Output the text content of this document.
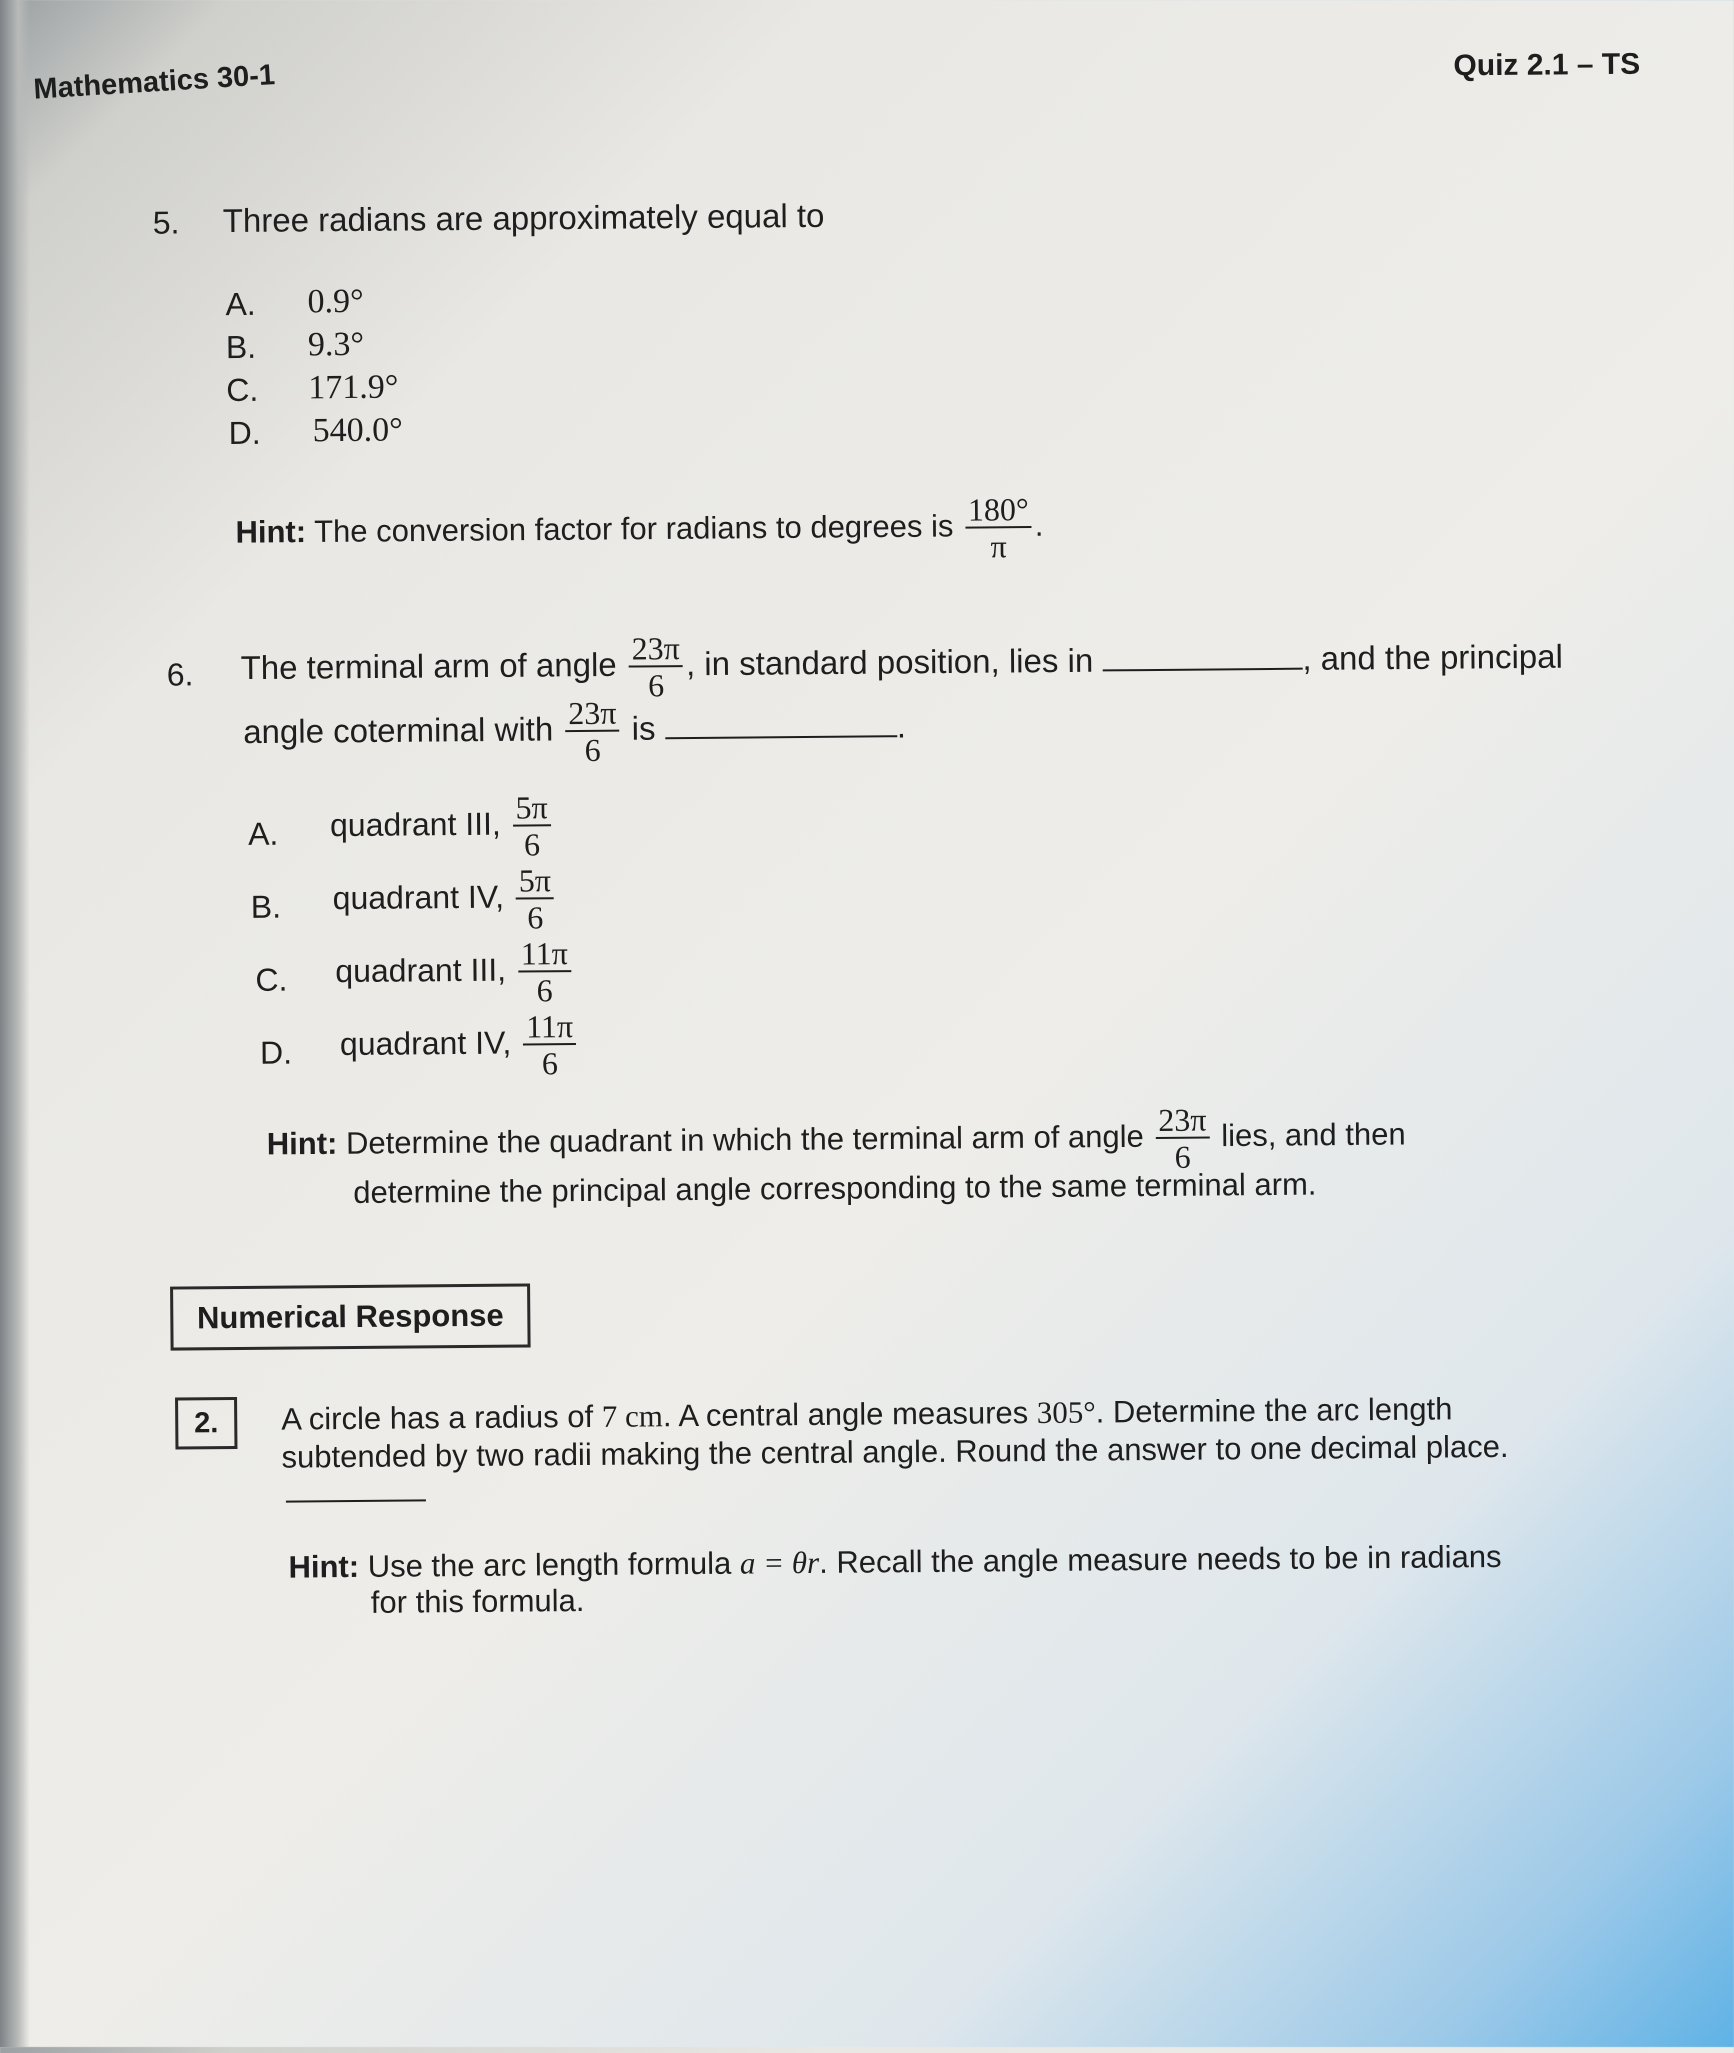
Mathematics 30-1	Quiz 2.1 – TS
5. Three radians are approximately equal to
A. 0.9°
B. 9.3°
C. 171.9°
D. 540.0°
Hint: The conversion factor for radians to degrees is $\frac{180^\circ}{\pi}$ .
6. The terminal arm of angle $\frac{23\pi}{6}$ , in standard position, lies in	, and the principal
angle coterminal with $\frac{23\pi}{6}$ is	.
A. quadrant III, $\frac{5\pi}{6}$
B. quadrant IV, $\frac{5\pi}{6}$
C. quadrant III, $\frac{11\pi}{6}$
D. quadrant IV, $\frac{11\pi}{6}$
Hint: Determine the quadrant in which the terminal arm of angle $\frac{23\pi}{6}$ lies, and then
determine the principal angle corresponding to the same terminal arm.
Numerical Response
2.	A circle has a radius of 7 cm. A central angle measures 305°. Determine the arc length
subtended by two radii making the central angle. Round the answer to one decimal place.
Hint: Use the arc length formula a = θr. Recall the angle measure needs to be in radians
for this formula.
